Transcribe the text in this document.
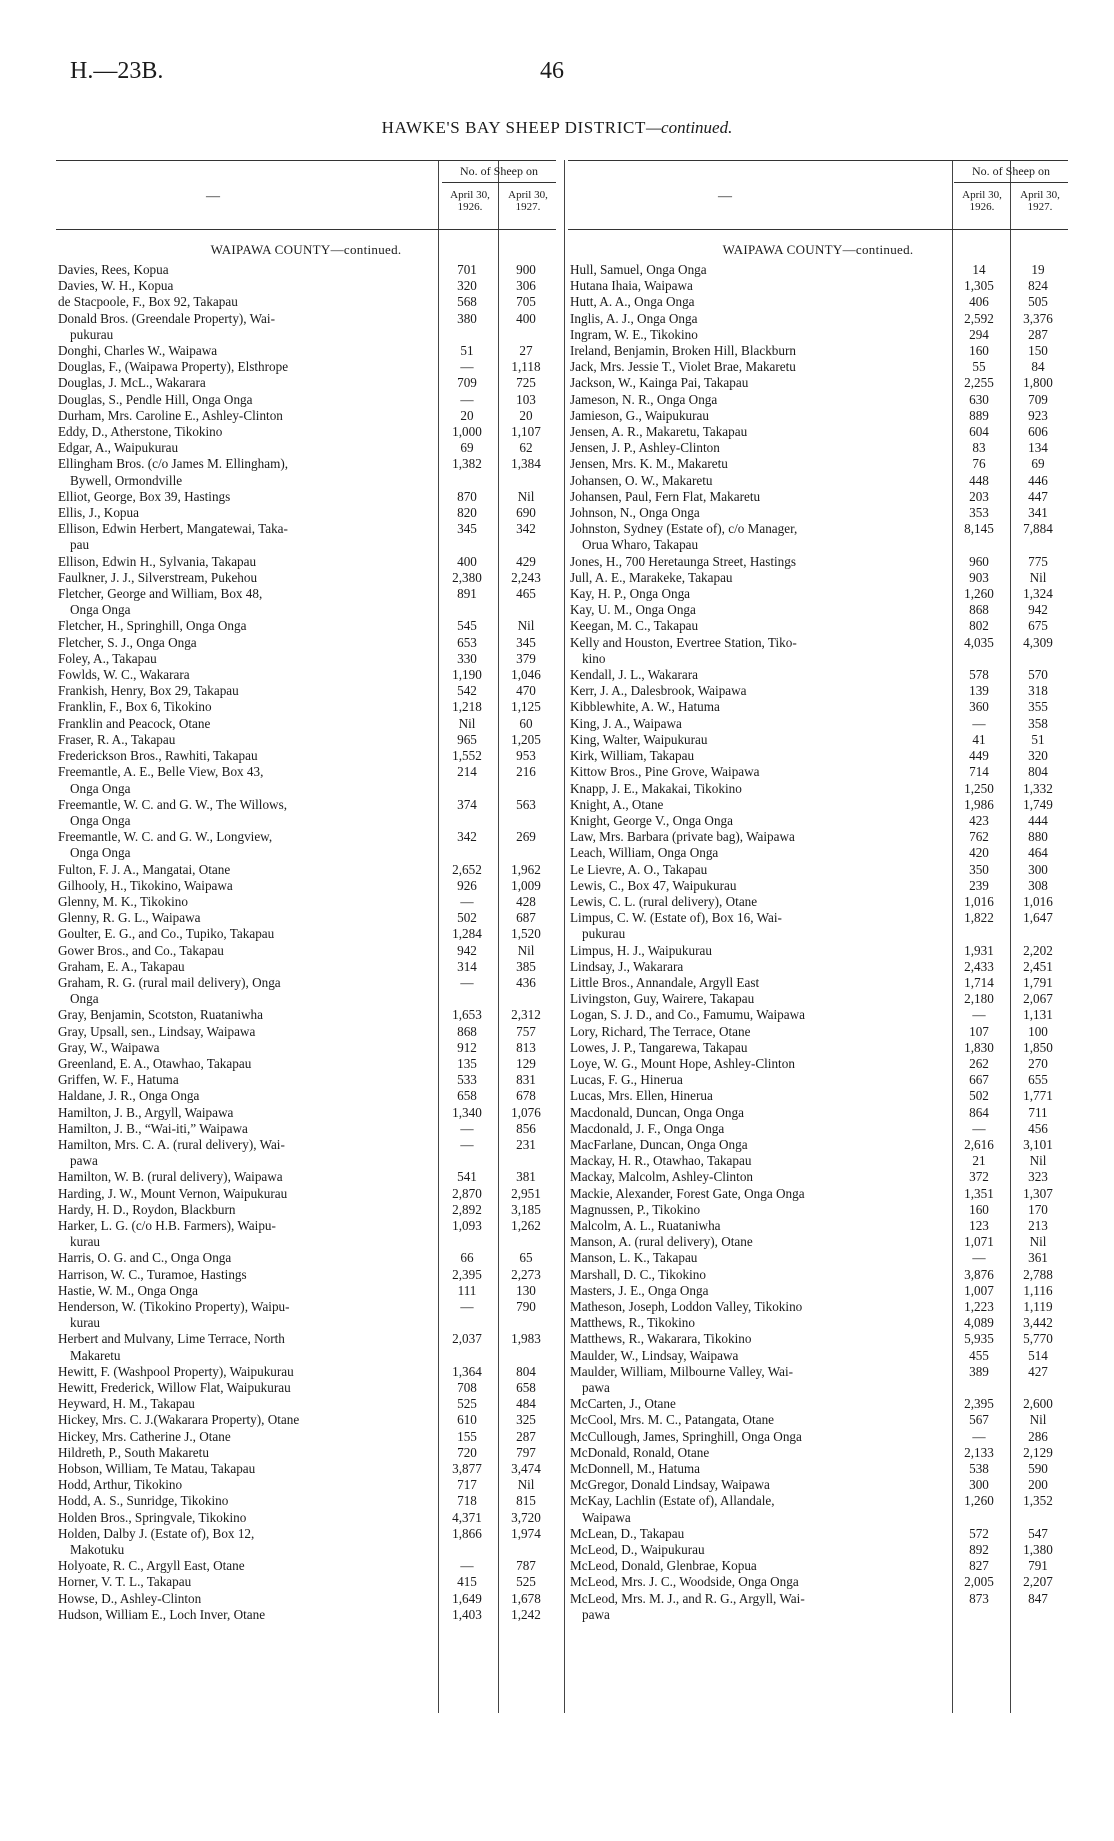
H.—23B.	46
HAWKE'S BAY SHEEP DISTRICT—continued.
—
No. of Sheep on
April 30,
1926.
April 30,
1927.
WAIPAWA COUNTY—continued.
Davies, Rees, Kopua	701	900
Davies, W. H., Kopua	320	306
de Stacpoole, F., Box 92, Takapau	568	705
Donald Bros. (Greendale Property), Wai-
pukurau
380	400
Donghi, Charles W., Waipawa	51	27
Douglas, F., (Waipawa Property), Elsthrope	—	1,118
Douglas, J. McL., Wakarara	709	725
Douglas, S., Pendle Hill, Onga Onga	—	103
Durham, Mrs. Caroline E., Ashley-Clinton	20	20
Eddy, D., Atherstone, Tikokino	1,000	1,107
Edgar, A., Waipukurau	69	62
Ellingham Bros. (c/o James M. Ellingham),
Bywell, Ormondville
1,382	1,384
Elliot, George, Box 39, Hastings	870	Nil
Ellis, J., Kopua	820	690
Ellison, Edwin Herbert, Mangatewai, Taka-
pau
345	342
Ellison, Edwin H., Sylvania, Takapau	400	429
Faulkner, J. J., Silverstream, Pukehou	2,380	2,243
Fletcher, George and William, Box 48,
Onga Onga
891	465
Fletcher, H., Springhill, Onga Onga	545	Nil
Fletcher, S. J., Onga Onga	653	345
Foley, A., Takapau	330	379
Fowlds, W. C., Wakarara	1,190	1,046
Frankish, Henry, Box 29, Takapau	542	470
Franklin, F., Box 6, Tikokino	1,218	1,125
Franklin and Peacock, Otane	Nil	60
Fraser, R. A., Takapau	965	1,205
Frederickson Bros., Rawhiti, Takapau	1,552	953
Freemantle, A. E., Belle View, Box 43,
Onga Onga
214	216
Freemantle, W. C. and G. W., The Willows,
Onga Onga
374	563
Freemantle, W. C. and G. W., Longview,
Onga Onga
342	269
Fulton, F. J. A., Mangatai, Otane	2,652	1,962
Gilhooly, H., Tikokino, Waipawa	926	1,009
Glenny, M. K., Tikokino	—	428
Glenny, R. G. L., Waipawa	502	687
Goulter, E. G., and Co., Tupiko, Takapau	1,284	1,520
Gower Bros., and Co., Takapau	942	Nil
Graham, E. A., Takapau	314	385
Graham, R. G. (rural mail delivery), Onga
Onga
—	436
Gray, Benjamin, Scotston, Ruataniwha	1,653	2,312
Gray, Upsall, sen., Lindsay, Waipawa	868	757
Gray, W., Waipawa	912	813
Greenland, E. A., Otawhao, Takapau	135	129
Griffen, W. F., Hatuma	533	831
Haldane, J. R., Onga Onga	658	678
Hamilton, J. B., Argyll, Waipawa	1,340	1,076
Hamilton, J. B., “Wai-iti,” Waipawa	—	856
Hamilton, Mrs. C. A. (rural delivery), Wai-
pawa
—	231
Hamilton, W. B. (rural delivery), Waipawa	541	381
Harding, J. W., Mount Vernon, Waipukurau	2,870	2,951
Hardy, H. D., Roydon, Blackburn	2,892	3,185
Harker, L. G. (c/o H.B. Farmers), Waipu-
kurau
1,093	1,262
Harris, O. G. and C., Onga Onga	66	65
Harrison, W. C., Turamoe, Hastings	2,395	2,273
Hastie, W. M., Onga Onga	111	130
Henderson, W. (Tikokino Property), Waipu-
kurau
—	790
Herbert and Mulvany, Lime Terrace, North
Makaretu
2,037	1,983
Hewitt, F. (Washpool Property), Waipukurau	1,364	804
Hewitt, Frederick, Willow Flat, Waipukurau	708	658
Heyward, H. M., Takapau	525	484
Hickey, Mrs. C. J.(Wakarara Property), Otane	610	325
Hickey, Mrs. Catherine J., Otane	155	287
Hildreth, P., South Makaretu	720	797
Hobson, William, Te Matau, Takapau	3,877	3,474
Hodd, Arthur, Tikokino	717	Nil
Hodd, A. S., Sunridge, Tikokino	718	815
Holden Bros., Springvale, Tikokino	4,371	3,720
Holden, Dalby J. (Estate of), Box 12,
Makotuku
1,866	1,974
Holyoate, R. C., Argyll East, Otane	—	787
Horner, V. T. L., Takapau	415	525
Howse, D., Ashley-Clinton	1,649	1,678
Hudson, William E., Loch Inver, Otane	1,403	1,242
—
No. of Sheep on
April 30,
1926.
April 30,
1927.
WAIPAWA COUNTY—continued.
Hull, Samuel, Onga Onga	14	19
Hutana Ihaia, Waipawa	1,305	824
Hutt, A. A., Onga Onga	406	505
Inglis, A. J., Onga Onga	2,592	3,376
Ingram, W. E., Tikokino	294	287
Ireland, Benjamin, Broken Hill, Blackburn	160	150
Jack, Mrs. Jessie T., Violet Brae, Makaretu	55	84
Jackson, W., Kainga Pai, Takapau	2,255	1,800
Jameson, N. R., Onga Onga	630	709
Jamieson, G., Waipukurau	889	923
Jensen, A. R., Makaretu, Takapau	604	606
Jensen, J. P., Ashley-Clinton	83	134
Jensen, Mrs. K. M., Makaretu	76	69
Johansen, O. W., Makaretu	448	446
Johansen, Paul, Fern Flat, Makaretu	203	447
Johnson, N., Onga Onga	353	341
Johnston, Sydney (Estate of), c/o Manager,
Orua Wharo, Takapau
8,145	7,884
Jones, H., 700 Heretaunga Street, Hastings	960	775
Jull, A. E., Marakeke, Takapau	903	Nil
Kay, H. P., Onga Onga	1,260	1,324
Kay, U. M., Onga Onga	868	942
Keegan, M. C., Takapau	802	675
Kelly and Houston, Evertree Station, Tiko-
kino
4,035	4,309
Kendall, J. L., Wakarara	578	570
Kerr, J. A., Dalesbrook, Waipawa	139	318
Kibblewhite, A. W., Hatuma	360	355
King, J. A., Waipawa	—	358
King, Walter, Waipukurau	41	51
Kirk, William, Takapau	449	320
Kittow Bros., Pine Grove, Waipawa	714	804
Knapp, J. E., Makakai, Tikokino	1,250	1,332
Knight, A., Otane	1,986	1,749
Knight, George V., Onga Onga	423	444
Law, Mrs. Barbara (private bag), Waipawa	762	880
Leach, William, Onga Onga	420	464
Le Lievre, A. O., Takapau	350	300
Lewis, C., Box 47, Waipukurau	239	308
Lewis, C. L. (rural delivery), Otane	1,016	1,016
Limpus, C. W. (Estate of), Box 16, Wai-
pukurau
1,822	1,647
Limpus, H. J., Waipukurau	1,931	2,202
Lindsay, J., Wakarara	2,433	2,451
Little Bros., Annandale, Argyll East	1,714	1,791
Livingston, Guy, Wairere, Takapau	2,180	2,067
Logan, S. J. D., and Co., Famumu, Waipawa	—	1,131
Lory, Richard, The Terrace, Otane	107	100
Lowes, J. P., Tangarewa, Takapau	1,830	1,850
Loye, W. G., Mount Hope, Ashley-Clinton	262	270
Lucas, F. G., Hinerua	667	655
Lucas, Mrs. Ellen, Hinerua	502	1,771
Macdonald, Duncan, Onga Onga	864	711
Macdonald, J. F., Onga Onga	—	456
MacFarlane, Duncan, Onga Onga	2,616	3,101
Mackay, H. R., Otawhao, Takapau	21	Nil
Mackay, Malcolm, Ashley-Clinton	372	323
Mackie, Alexander, Forest Gate, Onga Onga	1,351	1,307
Magnussen, P., Tikokino	160	170
Malcolm, A. L., Ruataniwha	123	213
Manson, A. (rural delivery), Otane	1,071	Nil
Manson, L. K., Takapau	—	361
Marshall, D. C., Tikokino	3,876	2,788
Masters, J. E., Onga Onga	1,007	1,116
Matheson, Joseph, Loddon Valley, Tikokino	1,223	1,119
Matthews, R., Tikokino	4,089	3,442
Matthews, R., Wakarara, Tikokino	5,935	5,770
Maulder, W., Lindsay, Waipawa	455	514
Maulder, William, Milbourne Valley, Wai-
pawa
389	427
McCarten, J., Otane	2,395	2,600
McCool, Mrs. M. C., Patangata, Otane	567	Nil
McCullough, James, Springhill, Onga Onga	—	286
McDonald, Ronald, Otane	2,133	2,129
McDonnell, M., Hatuma	538	590
McGregor, Donald Lindsay, Waipawa	300	200
McKay, Lachlin (Estate of), Allandale,
Waipawa
1,260	1,352
McLean, D., Takapau	572	547
McLeod, D., Waipukurau	892	1,380
McLeod, Donald, Glenbrae, Kopua	827	791
McLeod, Mrs. J. C., Woodside, Onga Onga	2,005	2,207
McLeod, Mrs. M. J., and R. G., Argyll, Wai-
pawa
873	847
